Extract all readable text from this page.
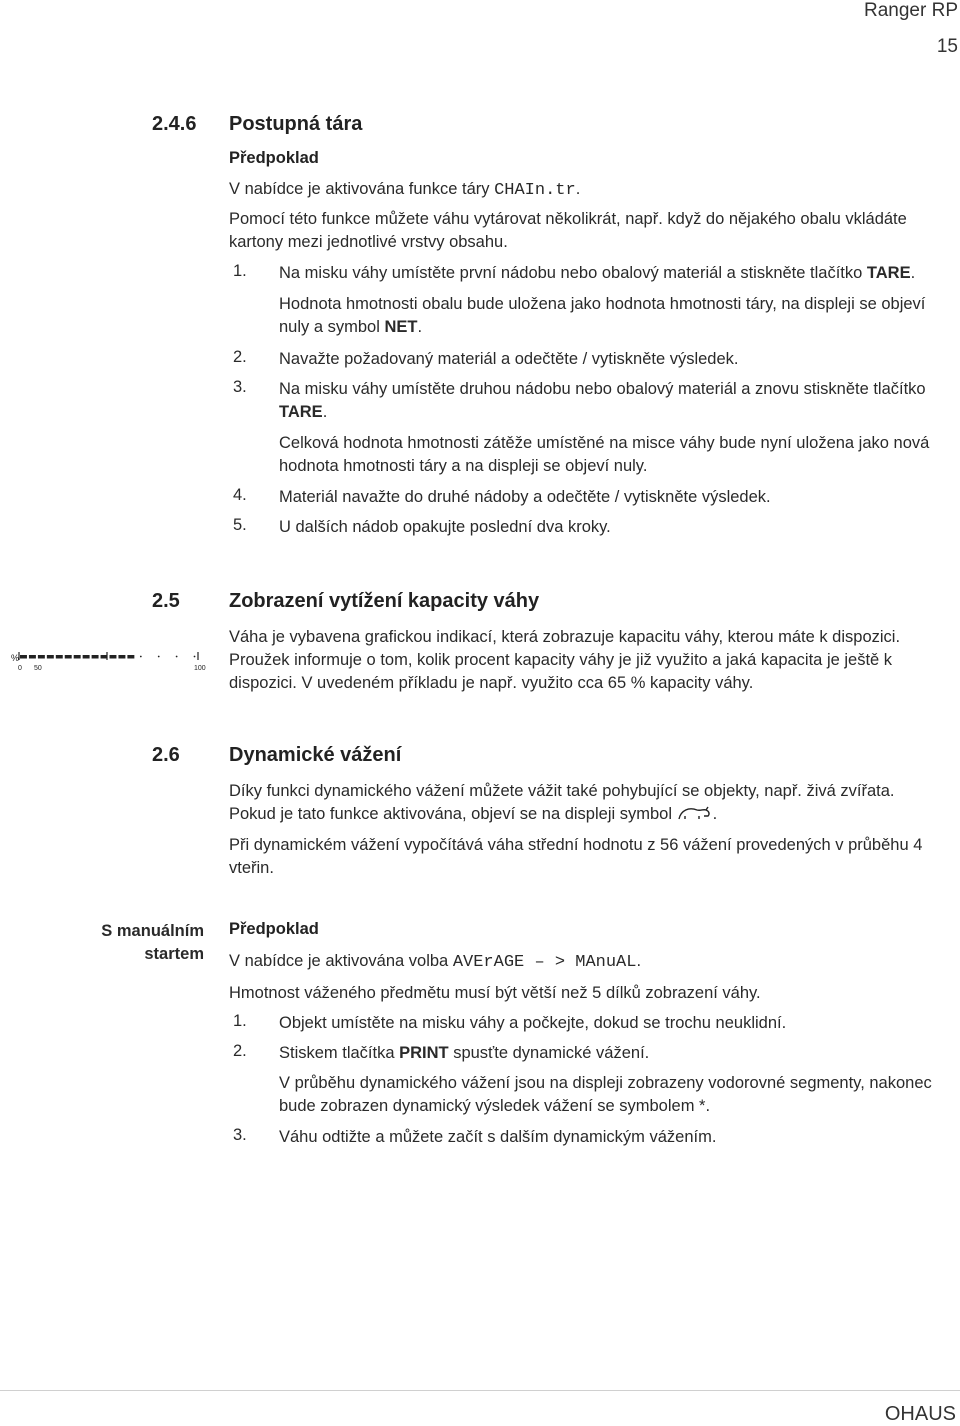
Ranger RP
15
2.4.6 Postupná tára
Předpoklad
V nabídce je aktivována funkce táry CHAIn.tr.
Pomocí této funkce můžete váhu vytárovat několikrát, např. když do nějakého obalu vkládáte kartony mezi jednotlivé vrstvy obsahu.
1. Na misku váhy umístěte první nádobu nebo obalový materiál a stiskněte tlačítko TARE.
Hodnota hmotnosti obalu bude uložena jako hodnota hmotnosti táry, na displeji se objeví nuly a symbol NET.
2. Navažte požadovaný materiál a odečtěte / vytiskněte výsledek.
3. Na misku váhy umístěte druhou nádobu nebo obalový materiál a znovu stiskněte tlačítko TARE.
Celková hodnota hmotnosti zátěže umístěné na misce váhy bude nyní uložena jako nová hodnota hmotnosti táry a na displeji se objeví nuly.
4. Materiál navažte do druhé nádoby a odečtěte / vytiskněte výsledek.
5. U dalších nádob opakujte poslední dva kroky.
2.5 Zobrazení vytížení kapacity váhy
Váha je vybavena grafickou indikací, která zobrazuje kapacitu váhy, kterou máte k dispozici. Proužek informuje o tom, kolik procent kapacity váhy je již využito a jaká kapacita je ještě k dispozici. V uvedeném příkladu je např. využito cca 65 % kapacity váhy.
%
0 50	100
2.6 Dynamické vážení
Díky funkci dynamického vážení můžete vážit také pohybující se objekty, např. živá zvířata.
Pokud je tato funkce aktivována, objeví se na displeji symbol .
Při dynamickém vážení vypočítává váha střední hodnotu z 56 vážení provedených v průběhu 4 vteřin.
S manuálním startem
Předpoklad
V nabídce je aktivována volba AVErAGE – > MAnuAL.
Hmotnost váženého předmětu musí být větší než 5 dílků zobrazení váhy.
1. Objekt umístěte na misku váhy a počkejte, dokud se trochu neuklidní.
2. Stiskem tlačítka PRINT spusťte dynamické vážení.
V průběhu dynamického vážení jsou na displeji zobrazeny vodorovné segmenty, nakonec bude zobrazen dynamický výsledek vážení se symbolem *.
3. Váhu odtižte a můžete začít s dalším dynamickým vážením.
OHAUS
